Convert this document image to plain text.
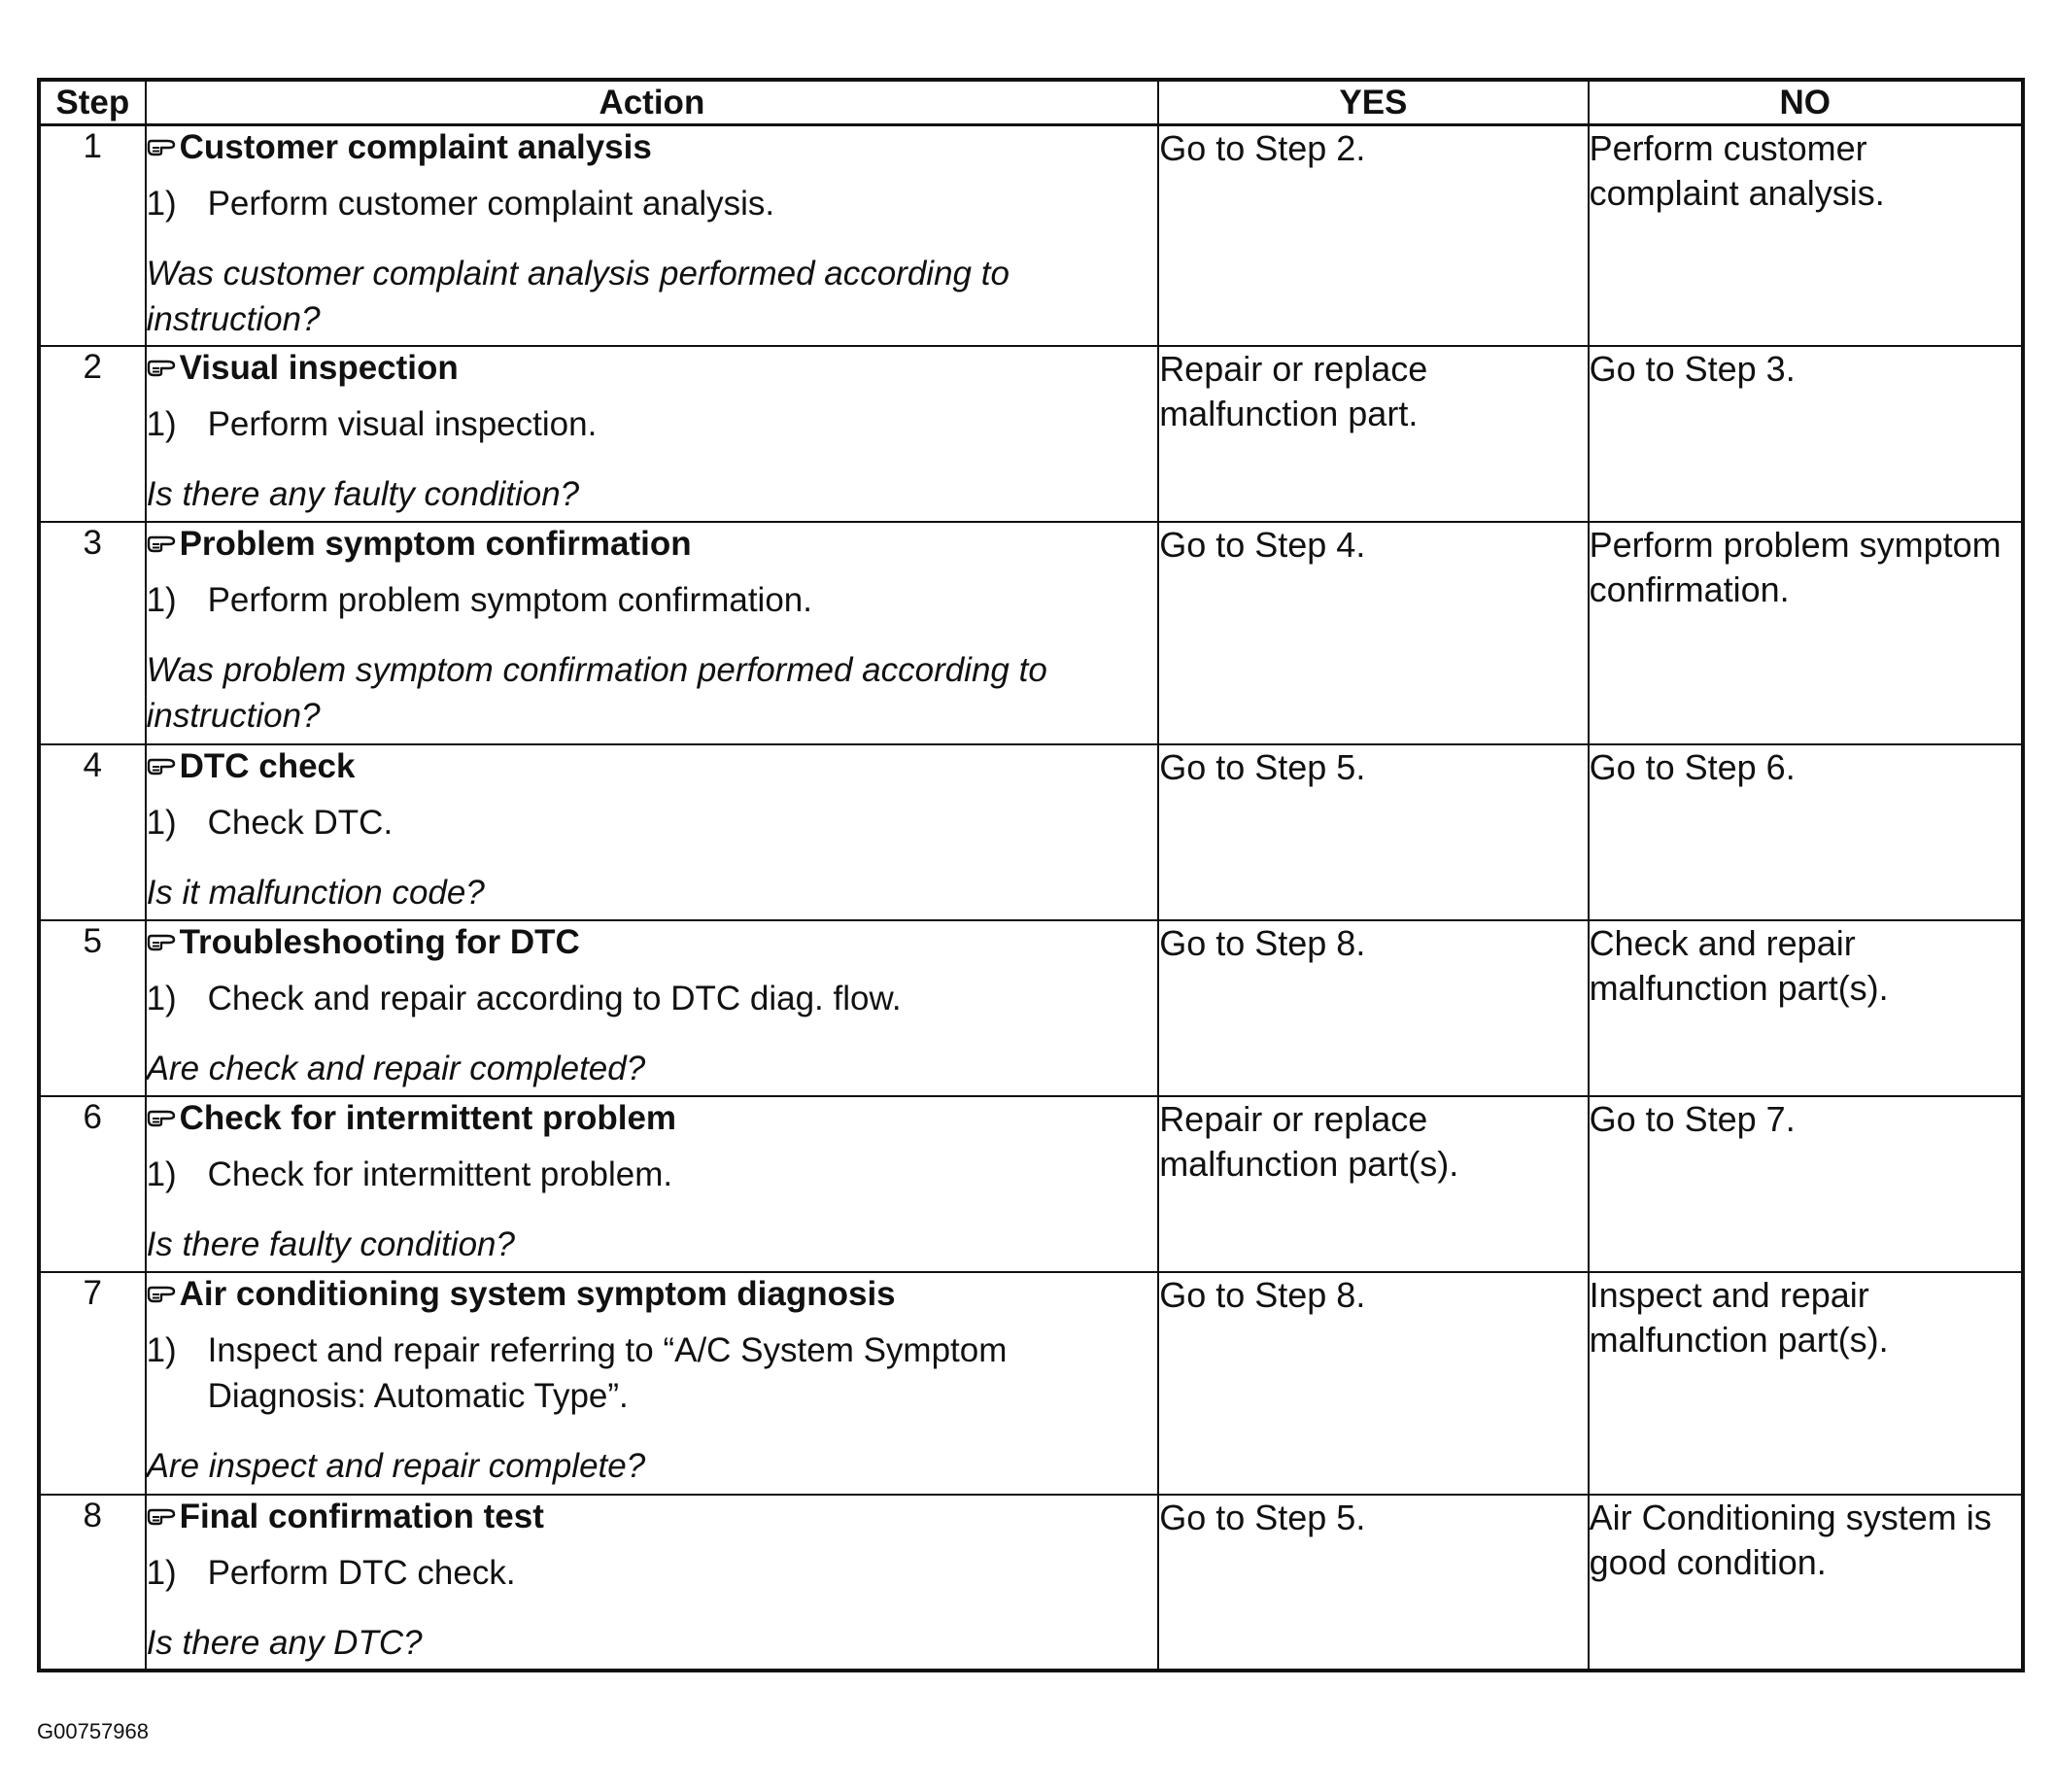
Step	Action	YES	NO
1	Customer complaint analysis
1) Perform customer complaint analysis.
Was customer complaint analysis performed according to instruction?	Go to Step 2.	Perform customer complaint analysis.
2	Visual inspection
1) Perform visual inspection.
Is there any faulty condition?	Repair or replace malfunction part.	Go to Step 3.
3	Problem symptom confirmation
1) Perform problem symptom confirmation.
Was problem symptom confirmation performed according to instruction?	Go to Step 4.	Perform problem symptom confirmation.
4	DTC check
1) Check DTC.
Is it malfunction code?	Go to Step 5.	Go to Step 6.
5	Troubleshooting for DTC
1) Check and repair according to DTC diag. flow.
Are check and repair completed?	Go to Step 8.	Check and repair malfunction part(s).
6	Check for intermittent problem
1) Check for intermittent problem.
Is there faulty condition?	Repair or replace malfunction part(s).	Go to Step 7.
7	Air conditioning system symptom diagnosis
1) Inspect and repair referring to “A/C System Symptom Diagnosis: Automatic Type”.
Are inspect and repair complete?	Go to Step 8.	Inspect and repair malfunction part(s).
8	Final confirmation test
1) Perform DTC check.
Is there any DTC?	Go to Step 5.	Air Conditioning system is good condition.
G00757968
